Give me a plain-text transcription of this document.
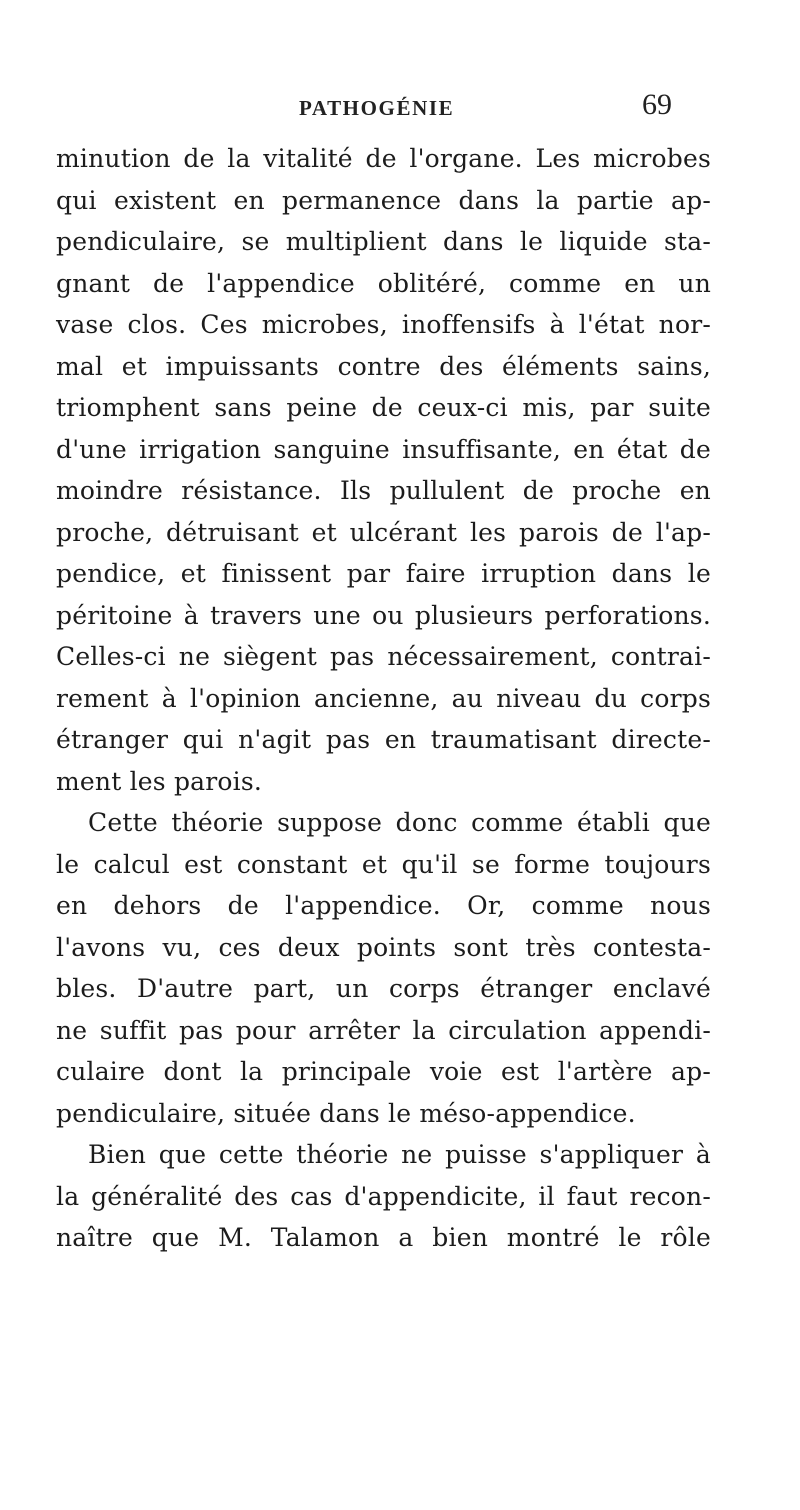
PATHOGÉNIE	69
minution de la vitalité de l'organe. Les microbes
qui existent en permanence dans la partie ap-
pendiculaire, se multiplient dans le liquide sta-
gnant de l'appendice oblitéré, comme en un
vase clos. Ces microbes, inoffensifs à l'état nor-
mal et impuissants contre des éléments sains,
triomphent sans peine de ceux-ci mis, par suite
d'une irrigation sanguine insuffisante, en état de
moindre résistance. Ils pullulent de proche en
proche, détruisant et ulcérant les parois de l'ap-
pendice, et finissent par faire irruption dans le
péritoine à travers une ou plusieurs perforations.
Celles-ci ne siègent pas nécessairement, contrai-
rement à l'opinion ancienne, au niveau du corps
étranger qui n'agit pas en traumatisant directe-
ment les parois.
Cette théorie suppose donc comme établi que
le calcul est constant et qu'il se forme toujours
en dehors de l'appendice. Or, comme nous
l'avons vu, ces deux points sont très contesta-
bles. D'autre part, un corps étranger enclavé
ne suffit pas pour arrêter la circulation appendi-
culaire dont la principale voie est l'artère ap-
pendiculaire, située dans le méso-appendice.
Bien que cette théorie ne puisse s'appliquer à
la généralité des cas d'appendicite, il faut recon-
naître que M. Talamon a bien montré le rôle
